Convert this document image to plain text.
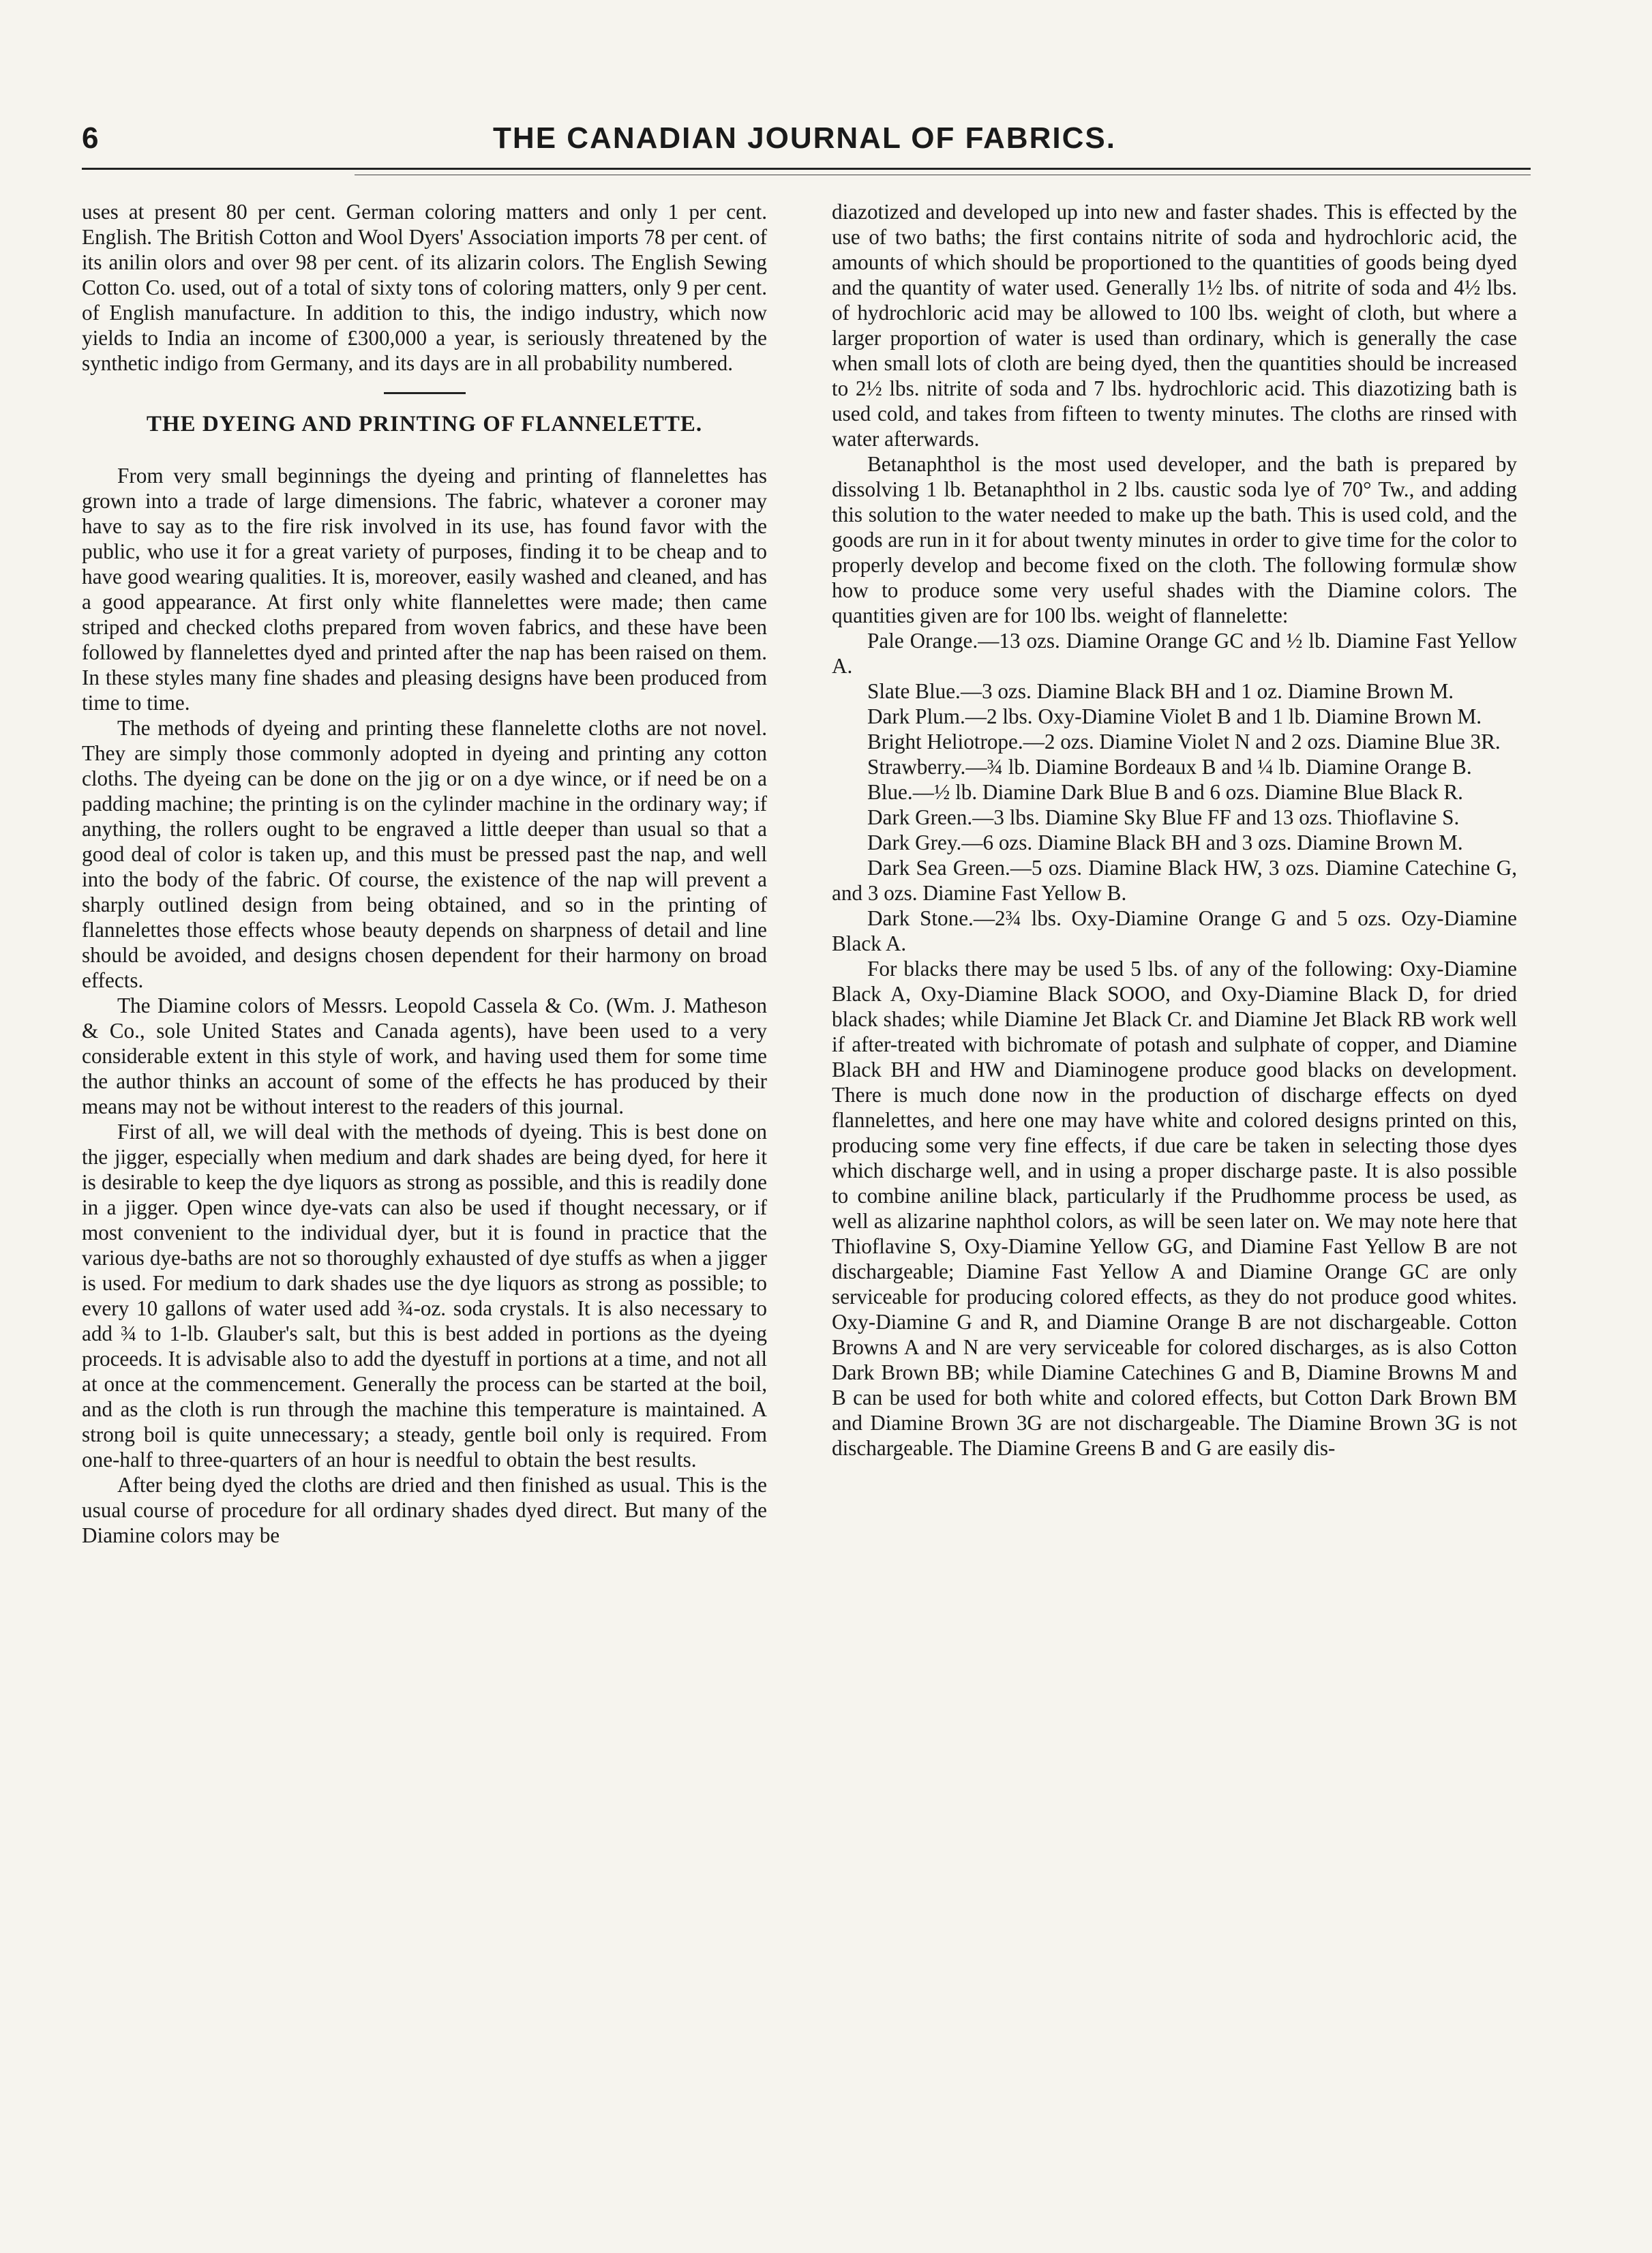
6	THE CANADIAN JOURNAL OF FABRICS.

uses at present 80 per cent. German coloring matters and only 1 per cent. English. The British Cotton and Wool Dyers' Association imports 78 per cent. of its anilin olors and over 98 per cent. of its alizarin colors. The English Sewing Cotton Co. used, out of a total of sixty tons of coloring matters, only 9 per cent. of English manufacture. In addition to this, the indigo industry, which now yields to India an income of £300,000 a year, is seriously threatened by the synthetic indigo from Germany, and its days are in all probability numbered.

THE DYEING AND PRINTING OF FLANNELETTE.

From very small beginnings the dyeing and printing of flannelettes has grown into a trade of large dimensions. The fabric, whatever a coroner may have to say as to the fire risk involved in its use, has found favor with the public, who use it for a great variety of purposes, finding it to be cheap and to have good wearing qualities. It is, moreover, easily washed and cleaned, and has a good appearance. At first only white flannelettes were made; then came striped and checked cloths prepared from woven fabrics, and these have been followed by flannelettes dyed and printed after the nap has been raised on them. In these styles many fine shades and pleasing designs have been produced from time to time.

The methods of dyeing and printing these flannelette cloths are not novel. They are simply those commonly adopted in dyeing and printing any cotton cloths. The dyeing can be done on the jig or on a dye wince, or if need be on a padding machine; the printing is on the cylinder machine in the ordinary way; if anything, the rollers ought to be engraved a little deeper than usual so that a good deal of color is taken up, and this must be pressed past the nap, and well into the body of the fabric. Of course, the existence of the nap will prevent a sharply outlined design from being obtained, and so in the printing of flannelettes those effects whose beauty depends on sharpness of detail and line should be avoided, and designs chosen dependent for their harmony on broad effects.

The Diamine colors of Messrs. Leopold Cassela & Co. (Wm. J. Matheson & Co., sole United States and Canada agents), have been used to a very considerable extent in this style of work, and having used them for some time the author thinks an account of some of the effects he has produced by their means may not be without interest to the readers of this journal.

First of all, we will deal with the methods of dyeing. This is best done on the jigger, especially when medium and dark shades are being dyed, for here it is desirable to keep the dye liquors as strong as possible, and this is readily done in a jigger. Open wince dye-vats can also be used if thought necessary, or if most convenient to the individual dyer, but it is found in practice that the various dye-baths are not so thoroughly exhausted of dye stuffs as when a jigger is used. For medium to dark shades use the dye liquors as strong as possible; to every 10 gallons of water used add ¾-oz. soda crystals. It is also necessary to add ¾ to 1-lb. Glauber's salt, but this is best added in portions as the dyeing proceeds. It is advisable also to add the dyestuff in portions at a time, and not all at once at the commencement. Generally the process can be started at the boil, and as the cloth is run through the machine this temperature is maintained. A strong boil is quite unnecessary; a steady, gentle boil only is required. From one-half to three-quarters of an hour is needful to obtain the best results.

After being dyed the cloths are dried and then finished as usual. This is the usual course of procedure for all ordinary shades dyed direct. But many of the Diamine colors may be

diazotized and developed up into new and faster shades. This is effected by the use of two baths; the first contains nitrite of soda and hydrochloric acid, the amounts of which should be proportioned to the quantities of goods being dyed and the quantity of water used. Generally 1½ lbs. of nitrite of soda and 4½ lbs. of hydrochloric acid may be allowed to 100 lbs. weight of cloth, but where a larger proportion of water is used than ordinary, which is generally the case when small lots of cloth are being dyed, then the quantities should be increased to 2½ lbs. nitrite of soda and 7 lbs. hydrochloric acid. This diazotizing bath is used cold, and takes from fifteen to twenty minutes. The cloths are rinsed with water afterwards.

Betanaphthol is the most used developer, and the bath is prepared by dissolving 1 lb. Betanaphthol in 2 lbs. caustic soda lye of 70° Tw., and adding this solution to the water needed to make up the bath. This is used cold, and the goods are run in it for about twenty minutes in order to give time for the color to properly develop and become fixed on the cloth. The following formulæ show how to produce some very useful shades with the Diamine colors. The quantities given are for 100 lbs. weight of flannelette:

Pale Orange.—13 ozs. Diamine Orange GC and ½ lb. Diamine Fast Yellow A.

Slate Blue.—3 ozs. Diamine Black BH and 1 oz. Diamine Brown M.

Dark Plum.—2 lbs. Oxy-Diamine Violet B and 1 lb. Diamine Brown M.

Bright Heliotrope.—2 ozs. Diamine Violet N and 2 ozs. Diamine Blue 3R.

Strawberry.—¾ lb. Diamine Bordeaux B and ¼ lb. Diamine Orange B.

Blue.—½ lb. Diamine Dark Blue B and 6 ozs. Diamine Blue Black R.

Dark Green.—3 lbs. Diamine Sky Blue FF and 13 ozs. Thioflavine S.

Dark Grey.—6 ozs. Diamine Black BH and 3 ozs. Diamine Brown M.

Dark Sea Green.—5 ozs. Diamine Black HW, 3 ozs. Diamine Catechine G, and 3 ozs. Diamine Fast Yellow B.

Dark Stone.—2¾ lbs. Oxy-Diamine Orange G and 5 ozs. Ozy-Diamine Black A.

For blacks there may be used 5 lbs. of any of the following: Oxy-Diamine Black A, Oxy-Diamine Black SOOO, and Oxy-Diamine Black D, for dried black shades; while Diamine Jet Black Cr. and Diamine Jet Black RB work well if after-treated with bichromate of potash and sulphate of copper, and Diamine Black BH and HW and Diaminogene produce good blacks on development. There is much done now in the production of discharge effects on dyed flannelettes, and here one may have white and colored designs printed on this, producing some very fine effects, if due care be taken in selecting those dyes which discharge well, and in using a proper discharge paste. It is also possible to combine aniline black, particularly if the Prudhomme process be used, as well as alizarine naphthol colors, as will be seen later on. We may note here that Thioflavine S, Oxy-Diamine Yellow GG, and Diamine Fast Yellow B are not dischargeable; Diamine Fast Yellow A and Diamine Orange GC are only serviceable for producing colored effects, as they do not produce good whites. Oxy-Diamine G and R, and Diamine Orange B are not dischargeable. Cotton Browns A and N are very serviceable for colored discharges, as is also Cotton Dark Brown BB; while Diamine Catechines G and B, Diamine Browns M and B can be used for both white and colored effects, but Cotton Dark Brown BM and Diamine Brown 3G are not dischargeable. The Diamine Brown 3G is not dischargeable. The Diamine Greens B and G are easily dis-
